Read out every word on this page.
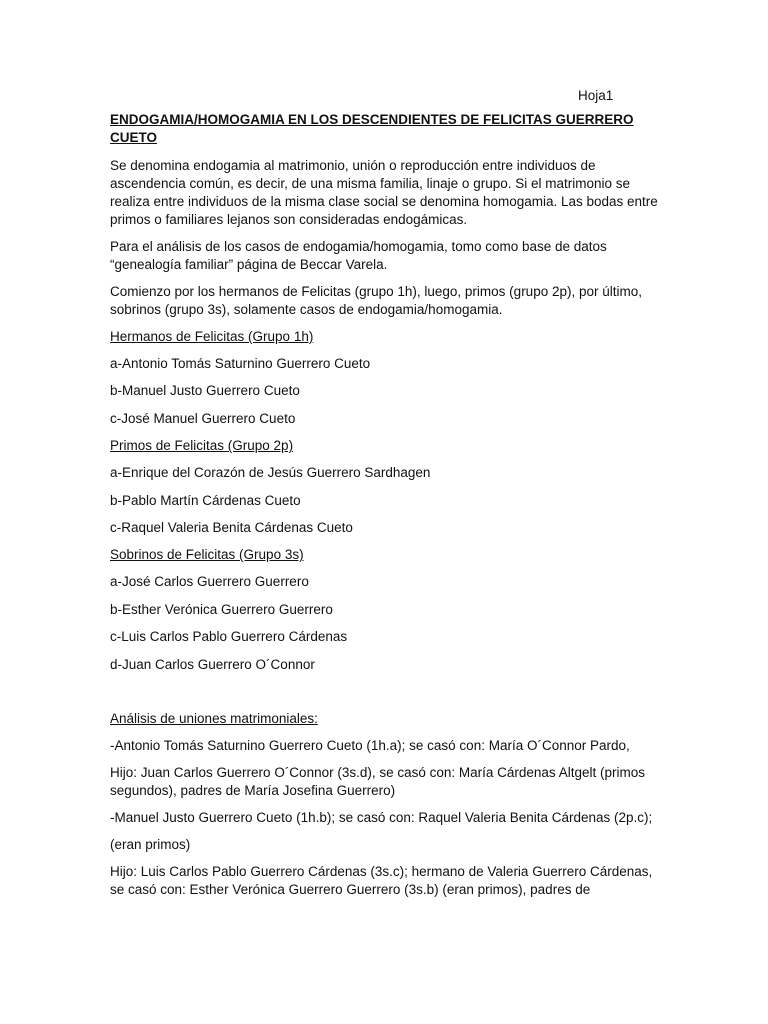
Hoja1
ENDOGAMIA/HOMOGAMIA EN LOS DESCENDIENTES DE FELICITAS GUERRERO CUETO
Se denomina endogamia al matrimonio, unión o reproducción entre individuos de ascendencia común, es decir, de una misma familia, linaje o grupo. Si el matrimonio se realiza entre individuos de la misma clase social se denomina homogamia. Las bodas entre primos o familiares lejanos son consideradas endogámicas.
Para el análisis de los casos de endogamia/homogamia, tomo como base de datos “genealogía familiar” página de Beccar Varela.
Comienzo por los hermanos de Felicitas (grupo 1h), luego, primos (grupo 2p), por último, sobrinos (grupo 3s), solamente casos de endogamia/homogamia.
Hermanos de Felicitas (Grupo 1h)
a-Antonio Tomás Saturnino Guerrero Cueto
b-Manuel Justo Guerrero Cueto
c-José Manuel Guerrero Cueto
Primos de Felicitas (Grupo 2p)
a-Enrique del Corazón de Jesús Guerrero Sardhagen
b-Pablo Martín Cárdenas Cueto
c-Raquel Valeria Benita Cárdenas Cueto
Sobrinos de Felicitas (Grupo 3s)
a-José Carlos Guerrero Guerrero
b-Esther Verónica Guerrero Guerrero
c-Luis Carlos Pablo Guerrero Cárdenas
d-Juan Carlos Guerrero O´Connor
Análisis de uniones matrimoniales:
-Antonio Tomás Saturnino Guerrero Cueto (1h.a); se casó con: María O´Connor Pardo,
Hijo: Juan Carlos Guerrero O´Connor (3s.d), se casó con: María Cárdenas Altgelt (primos segundos), padres de María Josefina Guerrero)
-Manuel Justo Guerrero Cueto (1h.b); se casó con: Raquel Valeria Benita Cárdenas (2p.c);
(eran primos)
Hijo: Luis Carlos Pablo Guerrero Cárdenas (3s.c); hermano de Valeria Guerrero Cárdenas, se casó con: Esther Verónica Guerrero Guerrero (3s.b) (eran primos), padres de
